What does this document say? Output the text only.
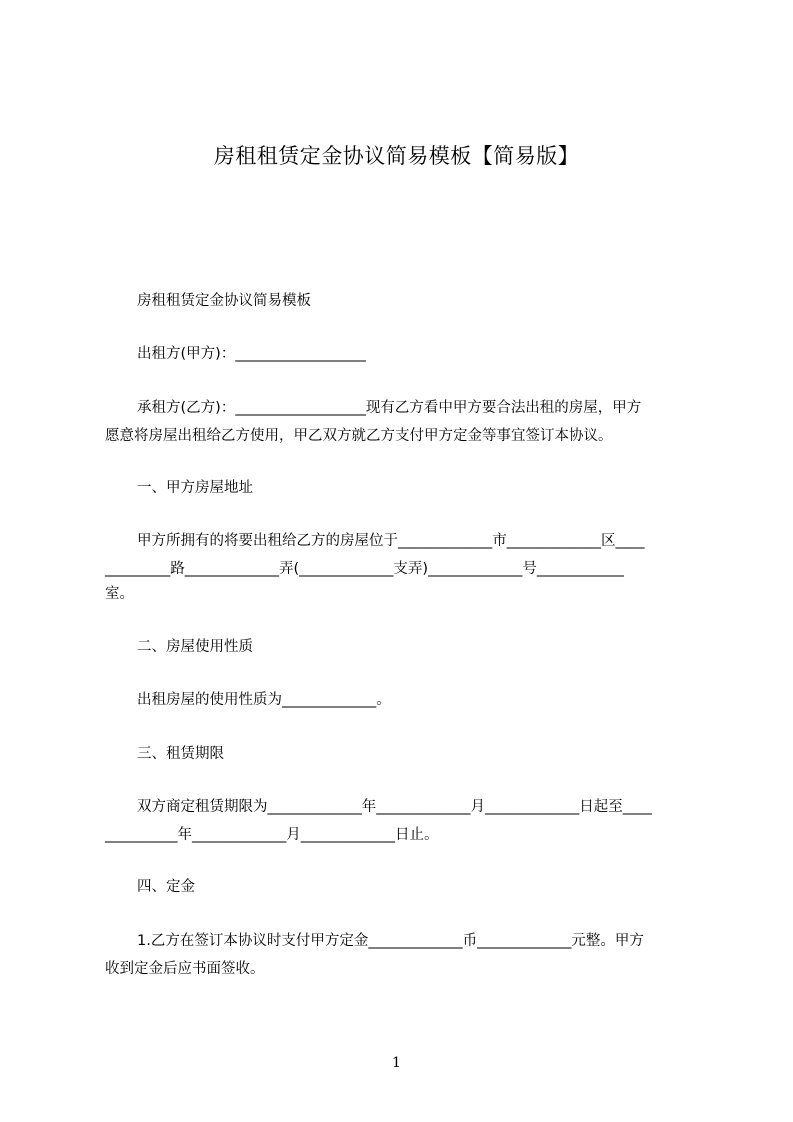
房租租赁定金协议简易模板【简易版】
房租租赁定金协议简易模板
出租方(甲方)：__________________
承租方(乙方)：__________________现有乙方看中甲方要合法出租的房屋，甲方
愿意将房屋出租给乙方使用，甲乙双方就乙方支付甲方定金等事宜签订本协议。
一、甲方房屋地址
甲方所拥有的将要出租给乙方的房屋位于_____________市_____________区____
_________路_____________弄(_____________支弄)_____________号____________
室。
二、房屋使用性质
出租房屋的使用性质为_____________。
三、租赁期限
双方商定租赁期限为_____________年_____________月_____________日起至____
__________年_____________月_____________日止。
四、定金
1.乙方在签订本协议时支付甲方定金_____________币_____________元整。甲方
收到定金后应书面签收。
1
